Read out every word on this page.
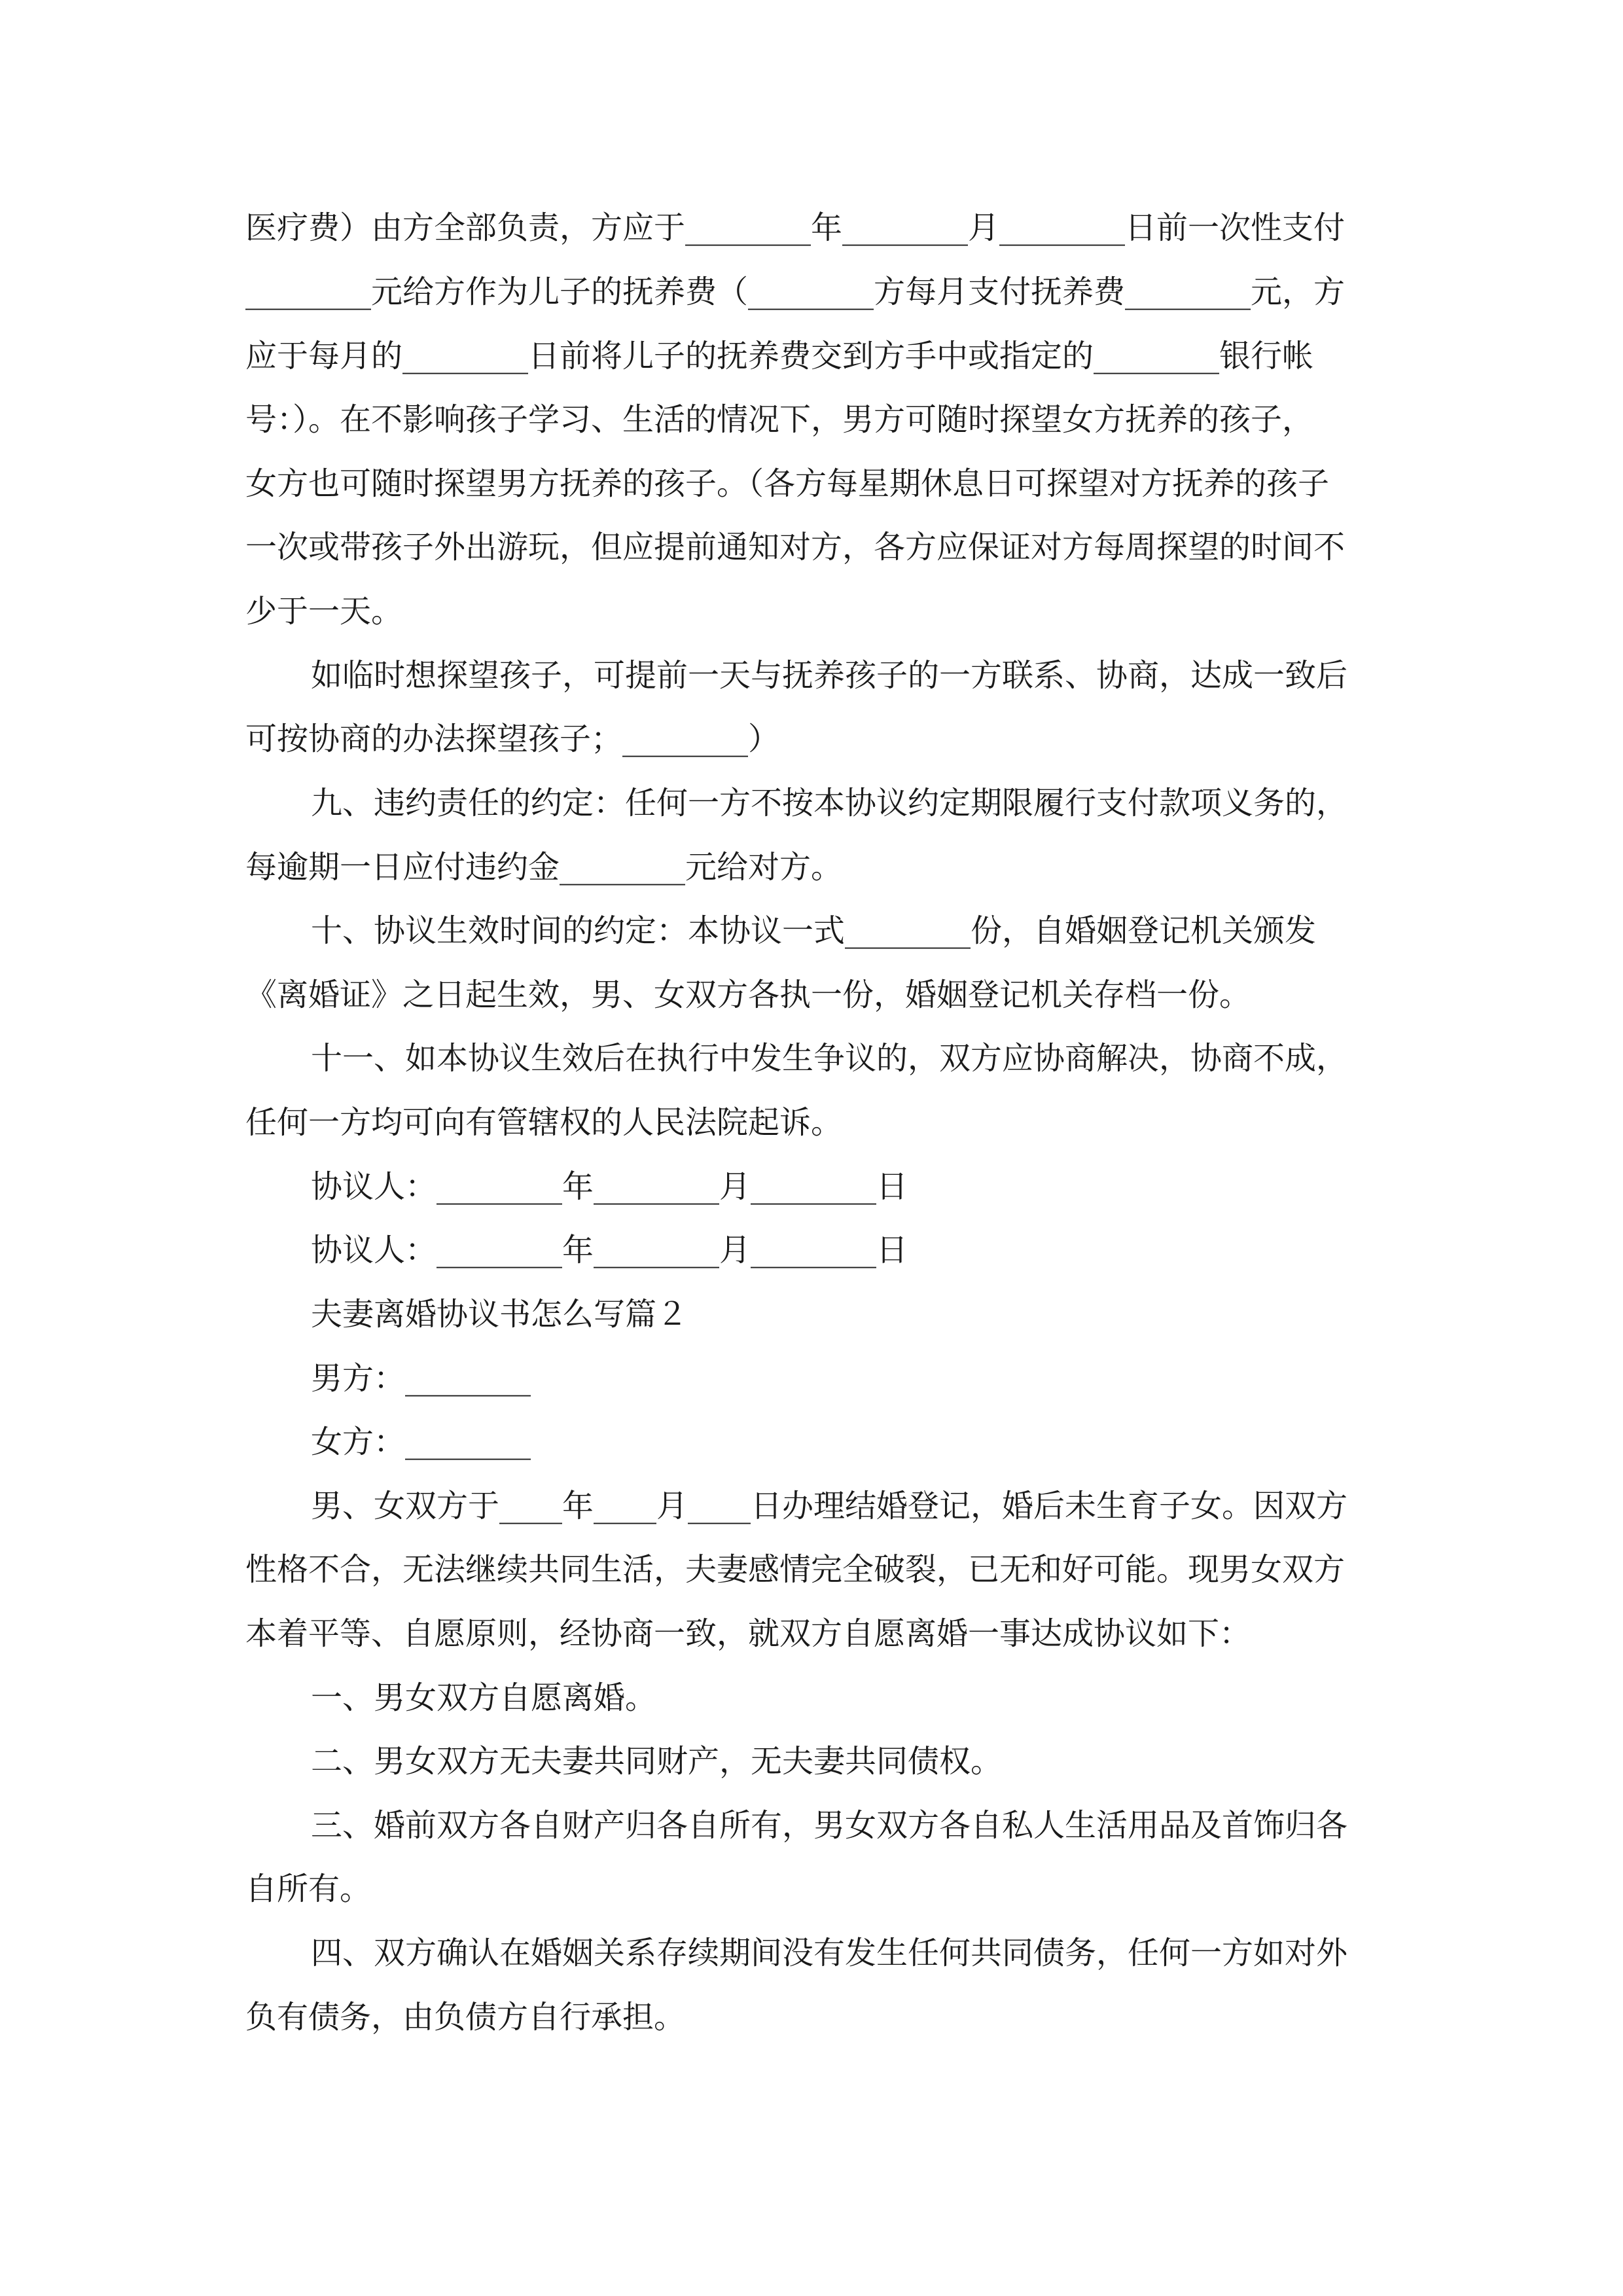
医疗费）由方全部负责，方应于________年________月________日前一次性支付
________元给方作为儿子的抚养费（________方每月支付抚养费________元，方
应于每月的________日前将儿子的抚养费交到方手中或指定的________银行帐
号：）。在不影响孩子学习、生活的情况下，男方可随时探望女方抚养的孩子，
女方也可随时探望男方抚养的孩子。（各方每星期休息日可探望对方抚养的孩子
一次或带孩子外出游玩，但应提前通知对方，各方应保证对方每周探望的时间不
少于一天。
如临时想探望孩子，可提前一天与抚养孩子的一方联系、协商，达成一致后
可按协商的办法探望孩子；________）
九、违约责任的约定：任何一方不按本协议约定期限履行支付款项义务的，
每逾期一日应付违约金________元给对方。
十、协议生效时间的约定：本协议一式________份，自婚姻登记机关颁发
《离婚证》之日起生效，男、女双方各执一份，婚姻登记机关存档一份。
十一、如本协议生效后在执行中发生争议的，双方应协商解决，协商不成，
任何一方均可向有管辖权的人民法院起诉。
协议人：________年________月________日
协议人：________年________月________日
夫妻离婚协议书怎么写篇２
男方：________
女方：________
男、女双方于____年____月____日办理结婚登记，婚后未生育子女。因双方
性格不合，无法继续共同生活，夫妻感情完全破裂，已无和好可能。现男女双方
本着平等、自愿原则，经协商一致，就双方自愿离婚一事达成协议如下：
一、男女双方自愿离婚。
二、男女双方无夫妻共同财产，无夫妻共同债权。
三、婚前双方各自财产归各自所有，男女双方各自私人生活用品及首饰归各
自所有。
四、双方确认在婚姻关系存续期间没有发生任何共同债务，任何一方如对外
负有债务，由负债方自行承担。
